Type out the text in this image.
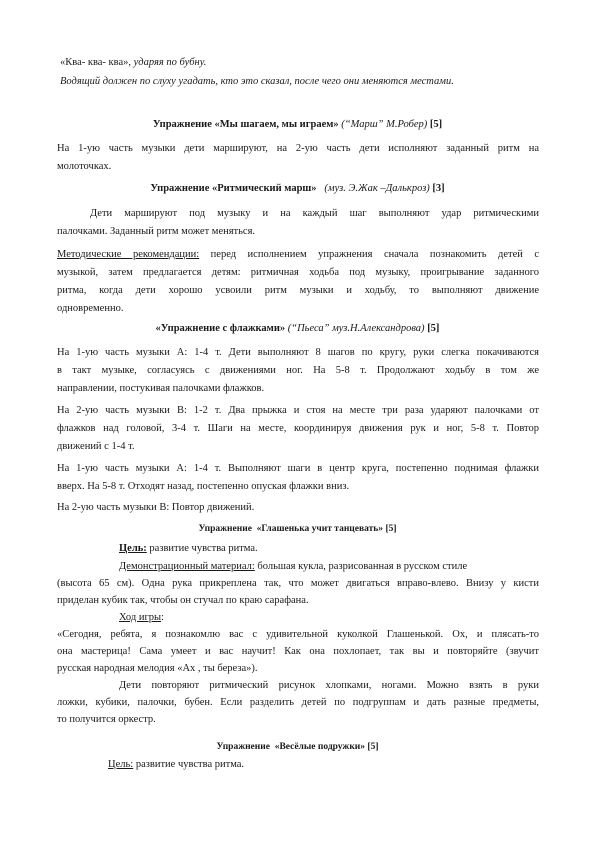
«Ква- ква- ква», ударяя по бубну.
Водящий должен по слуху угадать, кто это сказал, после чего они меняются местами.
Упражнение «Мы шагаем, мы играем» (“Марш” М.Робер) [5]
На 1-ую часть музыки дети маршируют, на 2-ую часть дети исполняют заданный ритм на
молоточках.
Упражнение «Ритмический марш» (муз. Э.Жак –Далькроз) [3]
Дети маршируют под музыку и на каждый шаг выполняют удар ритмическими
палочками. Заданный ритм может меняться.
Методические рекомендации: перед исполнением упражнения сначала познакомить детей с
музыкой, затем предлагается детям: ритмичная ходьба под музыку, проигрывание заданного
ритма, когда дети хорошо усвоили ритм музыки и ходьбу, то выполняют движение
одновременно.
«Упражнение с флажками» (“Пьеса” муз.Н.Александрова) [5]
На 1-ую часть музыки А: 1-4 т. Дети выполняют 8 шагов по кругу, руки слегка покачиваются
в такт музыке, согласуясь с движениями ног. На 5-8 т. Продолжают ходьбу в том же
направлении, постукивая палочками флажков.
На 2-ую часть музыки В: 1-2 т. Два прыжка и стоя на месте три раза ударяют палочками от
флажков над головой, 3-4 т. Шаги на месте, координируя движения рук и ног, 5-8 т. Повтор
движений с 1-4 т.
На 1-ую часть музыки А: 1-4 т. Выполняют шаги в центр круга, постепенно поднимая флажки
вверх. На 5-8 т. Отходят назад, постепенно опуская флажки вниз.
На 2-ую часть музыки В: Повтор движений.
Упражнение «Глашенька учит танцевать» [5]
Цель: развитие чувства ритма.
Демонстрационный материал: большая кукла, разрисованная в русском стиле
(высота 65 см). Одна рука прикреплена так, что может двигаться вправо-влево. Внизу у кисти
приделан кубик так, чтобы он стучал по краю сарафана.
Ход игры:
«Сегодня, ребята, я познакомлю вас с удивительной куколкой Глашенькой. Ох, и плясать-то
она мастерица! Сама умеет и вас научит! Как она похлопает, так вы и повторяйте (звучит
русская народная мелодия «Ах , ты береза»).
Дети повторяют ритмический рисунок хлопками, ногами. Можно взять в руки
ложки, кубики, палочки, бубен. Если разделить детей по подгруппам и дать разные предметы,
то получится оркестр.
Упражнение «Весёлые подружки» [5]
Цель: развитие чувства ритма.
